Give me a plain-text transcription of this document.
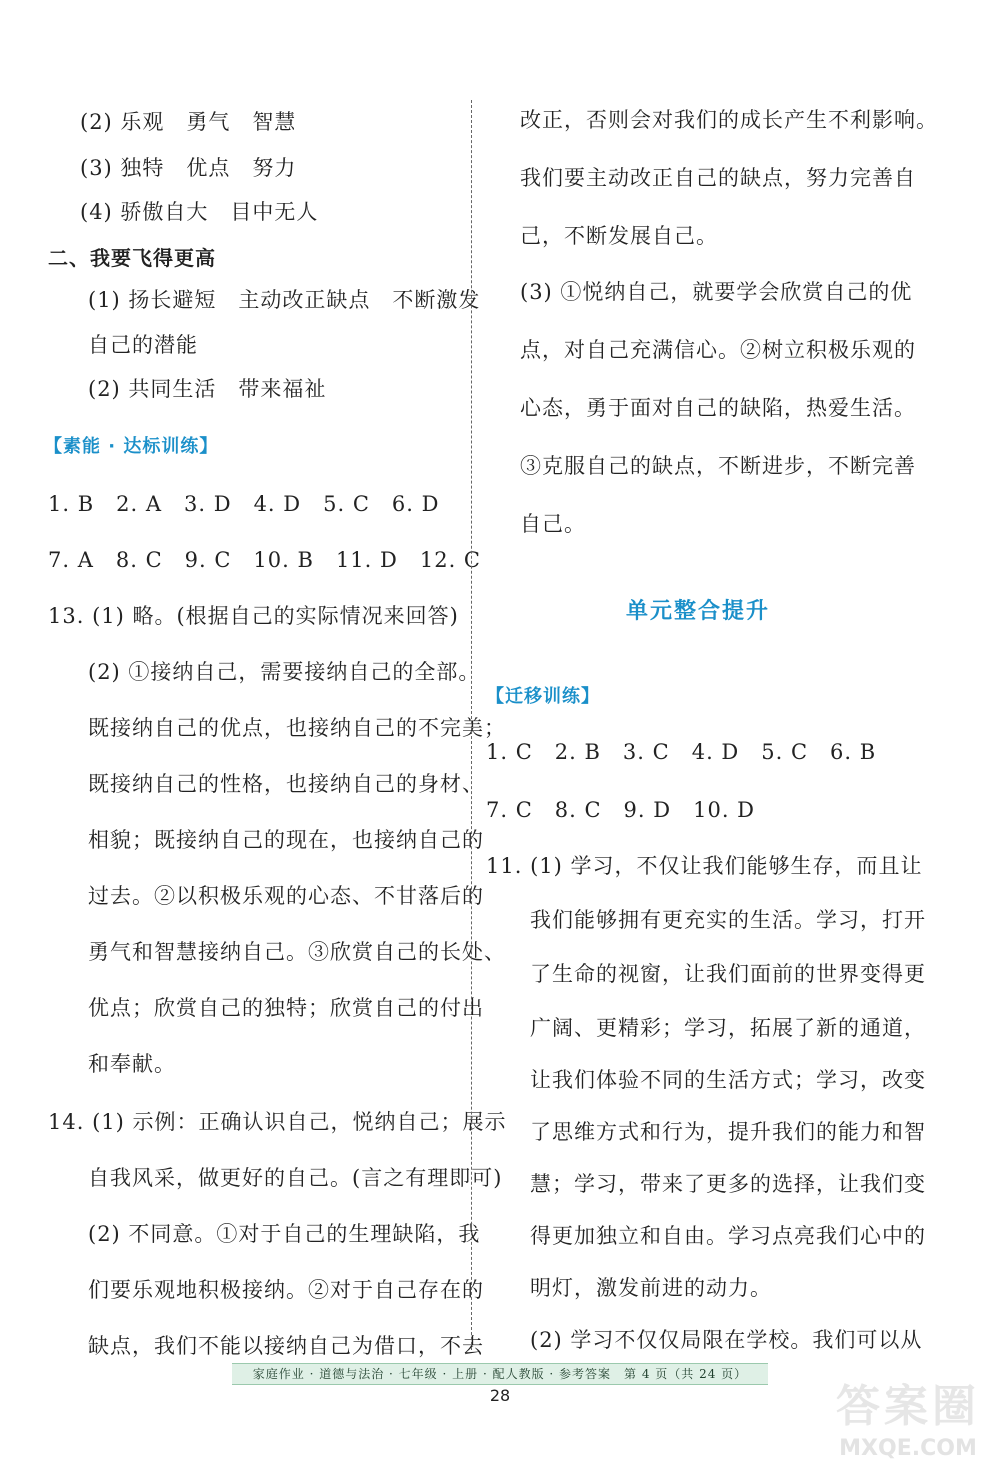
(2) 乐观　勇气　智慧
(3) 独特　优点　努力
(4) 骄傲自大　目中无人
二、我要飞得更高
(1) 扬长避短　主动改正缺点　不断激发
自己的潜能
(2) 共同生活　带来福祉
【素能 · 达标训练】
1. B　2. A　3. D　4. D　5. C　6. D
7. A　8. C　9. C　10. B　11. D　12. C
13. (1) 略。(根据自己的实际情况来回答)
(2) ①接纳自己，需要接纳自己的全部。
既接纳自己的优点，也接纳自己的不完美；
既接纳自己的性格，也接纳自己的身材、
相貌；既接纳自己的现在，也接纳自己的
过去。②以积极乐观的心态、不甘落后的
勇气和智慧接纳自己。③欣赏自己的长处、
优点；欣赏自己的独特；欣赏自己的付出
和奉献。
14. (1) 示例：正确认识自己，悦纳自己；展示
自我风采，做更好的自己。(言之有理即可)
(2) 不同意。①对于自己的生理缺陷，我
们要乐观地积极接纳。②对于自己存在的
缺点，我们不能以接纳自己为借口，不去
改正，否则会对我们的成长产生不利影响。
我们要主动改正自己的缺点，努力完善自
己，不断发展自己。
(3) ①悦纳自己，就要学会欣赏自己的优
点，对自己充满信心。②树立积极乐观的
心态，勇于面对自己的缺陷，热爱生活。
③克服自己的缺点，不断进步，不断完善
自己。
单元整合提升
【迁移训练】
1. C　2. B　3. C　4. D　5. C　6. B
7. C　8. C　9. D　10. D
11. (1) 学习，不仅让我们能够生存，而且让
我们能够拥有更充实的生活。学习，打开
了生命的视窗，让我们面前的世界变得更
广阔、更精彩；学习，拓展了新的通道，
让我们体验不同的生活方式；学习，改变
了思维方式和行为，提升我们的能力和智
慧；学习，带来了更多的选择，让我们变
得更加独立和自由。学习点亮我们心中的
明灯，激发前进的动力。
(2) 学习不仅仅局限在学校。我们可以从
家庭作业 · 道德与法治 · 七年级 · 上册 · 配人教版 · 参考答案　第 4 页（共 24 页）
28	答案圈
MXQE.COM
